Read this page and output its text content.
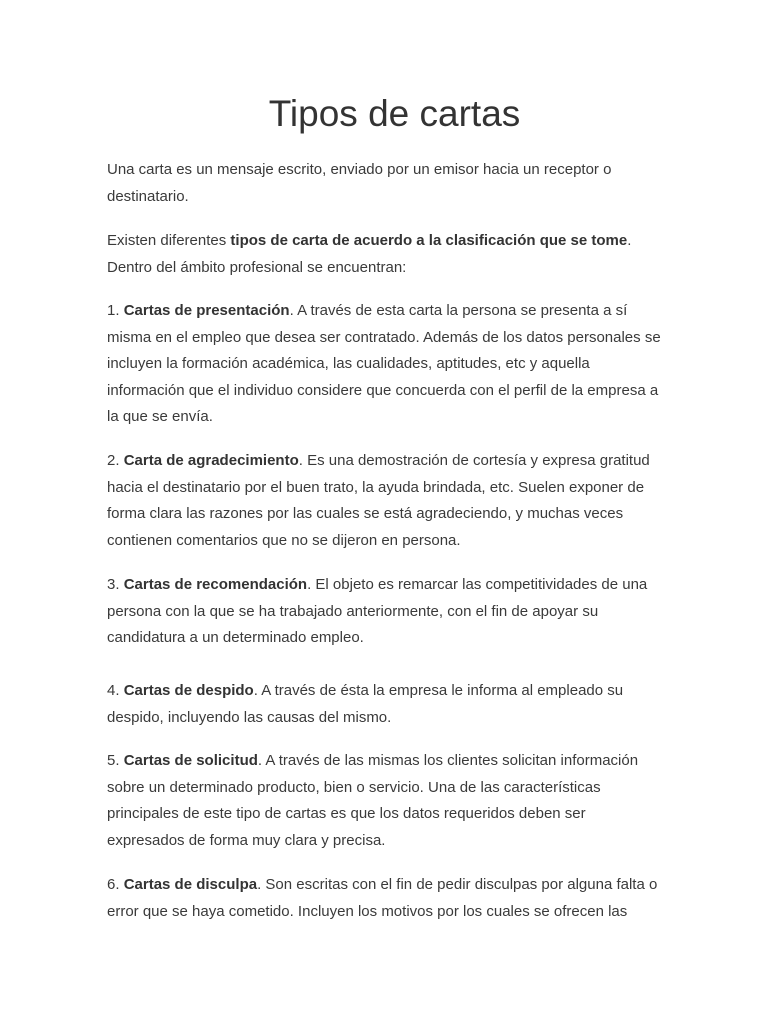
Tipos de cartas

Una carta es un mensaje escrito, enviado por un emisor hacia un receptor o destinatario.

Existen diferentes tipos de carta de acuerdo a la clasificación que se tome. Dentro del ámbito profesional se encuentran:

1. Cartas de presentación. A través de esta carta la persona se presenta a sí misma en el empleo que desea ser contratado. Además de los datos personales se incluyen la formación académica, las cualidades, aptitudes, etc y aquella información que el individuo considere que concuerda con el perfil de la empresa a la que se envía.

2. Carta de agradecimiento. Es una demostración de cortesía y expresa gratitud hacia el destinatario por el buen trato, la ayuda brindada, etc. Suelen exponer de forma clara las razones por las cuales se está agradeciendo, y muchas veces contienen comentarios que no se dijeron en persona.

3. Cartas de recomendación. El objeto es remarcar las competitividades de una persona con la que se ha trabajado anteriormente, con el fin de apoyar su candidatura a un determinado empleo.

4. Cartas de despido. A través de ésta la empresa le informa al empleado su despido, incluyendo las causas del mismo.

5. Cartas de solicitud. A través de las mismas los clientes solicitan información sobre un determinado producto, bien o servicio. Una de las características principales de este tipo de cartas es que los datos requeridos deben ser expresados de forma muy clara y precisa.

6. Cartas de disculpa. Son escritas con el fin de pedir disculpas por alguna falta o error que se haya cometido. Incluyen los motivos por los cuales se ofrecen las
